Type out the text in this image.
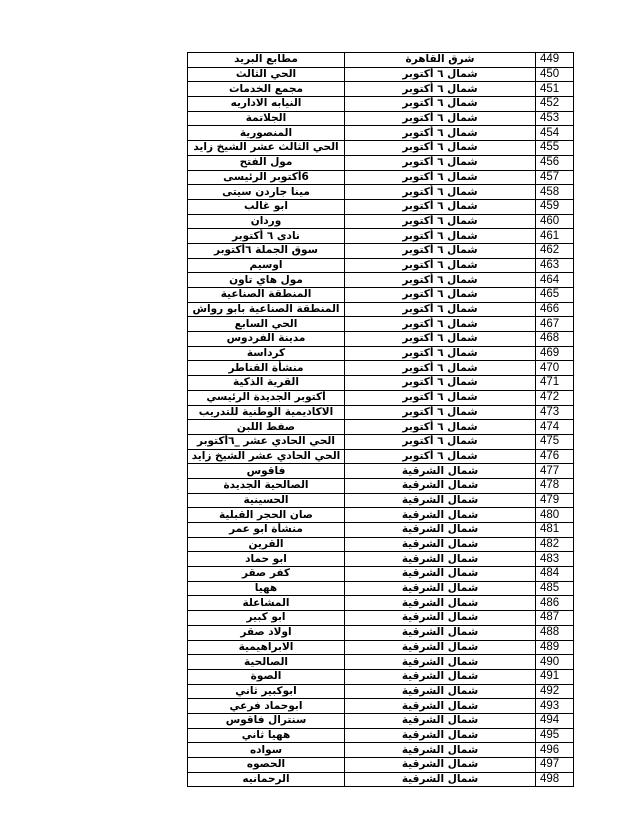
مطابع البريد	شرق القاهرة	449
الحي الثالث	شمال ٦ أكتوبر	450
مجمع الخدمات	شمال ٦ أكتوبر	451
النيابه الاداريه	شمال ٦ أكتوبر	452
الجلاتمة	شمال ٦ أكتوبر	453
المنصورية	شمال ٦ أكتوبر	454
الحي الثالث عشر الشيخ زايد	شمال ٦ أكتوبر	455
مول الفتح	شمال ٦ أكتوبر	456
6أكتوبر الرئيسى	شمال ٦ أكتوبر	457
مينا جاردن سيتى	شمال ٦ أكتوبر	458
ابو غالب	شمال ٦ أكتوبر	459
وردان	شمال ٦ أكتوبر	460
نادى ٦ أكتوبر	شمال ٦ أكتوبر	461
سوق الجملة ٦أكتوبر	شمال ٦ أكتوبر	462
اوسيم	شمال ٦ أكتوبر	463
مول هاي تاون	شمال ٦ أكتوبر	464
المنطقة الصناعية	شمال ٦ أكتوبر	465
المنطقة الصناعية بابو رواش	شمال ٦ أكتوبر	466
الحي السابع	شمال ٦ أكتوبر	467
مدينة الفردوس	شمال ٦ أكتوبر	468
كرداسة	شمال ٦ أكتوبر	469
منشأة القناطر	شمال ٦ أكتوبر	470
القرية الذكية	شمال ٦ أكتوبر	471
أكتوبر الجديدة الرئيسي	شمال ٦ أكتوبر	472
الاكاديمية الوطنية للتدريب	شمال ٦ أكتوبر	473
صفط اللبن	شمال ٦ أكتوبر	474
الحي الحادي عشر _٦أكتوبر	شمال ٦ أكتوبر	475
الحي الحادي عشر الشيخ زايد	شمال ٦ أكتوبر	476
فاقوس	شمال الشرقية	477
الصالحية الجديدة	شمال الشرقية	478
الحسينية	شمال الشرقية	479
صان الحجر القبلية	شمال الشرقية	480
منشأة ابو عمر	شمال الشرقية	481
القرين	شمال الشرقية	482
ابو حماد	شمال الشرقية	483
كفر صقر	شمال الشرقية	484
ههيا	شمال الشرقية	485
المشاعلة	شمال الشرقية	486
ابو كبير	شمال الشرقية	487
اولاد صقر	شمال الشرقية	488
الابراهيمية	شمال الشرقية	489
الصالحية	شمال الشرقية	490
الصوة	شمال الشرقية	491
ابوكبير ثاني	شمال الشرقية	492
ابوحماد فرعي	شمال الشرقية	493
سنترال فاقوس	شمال الشرقية	494
ههيا ثاني	شمال الشرقية	495
سواده	شمال الشرقية	496
الحصوه	شمال الشرقية	497
الرحمانيه	شمال الشرقية	498
